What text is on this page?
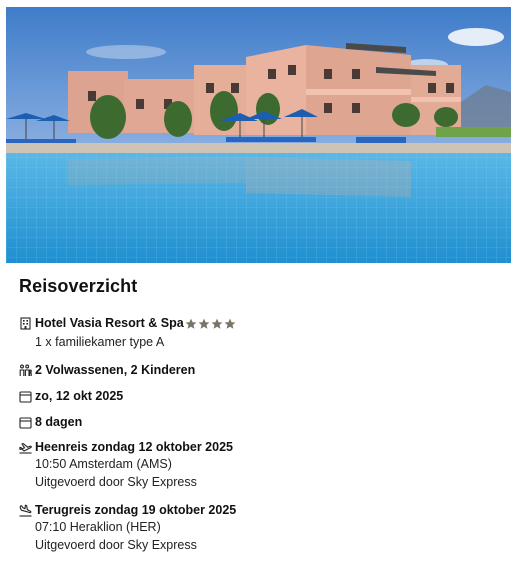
Reisoverzicht
Hotel Vasia Resort & Spa
1 x familiekamer type A
2 Volwassenen, 2 Kinderen
zo, 12 okt 2025
8 dagen
Heenreis zondag 12 oktober 2025
10:50 Amsterdam (AMS)
Uitgevoerd door Sky Express
Terugreis zondag 19 oktober 2025
07:10 Heraklion (HER)
Uitgevoerd door Sky Express
